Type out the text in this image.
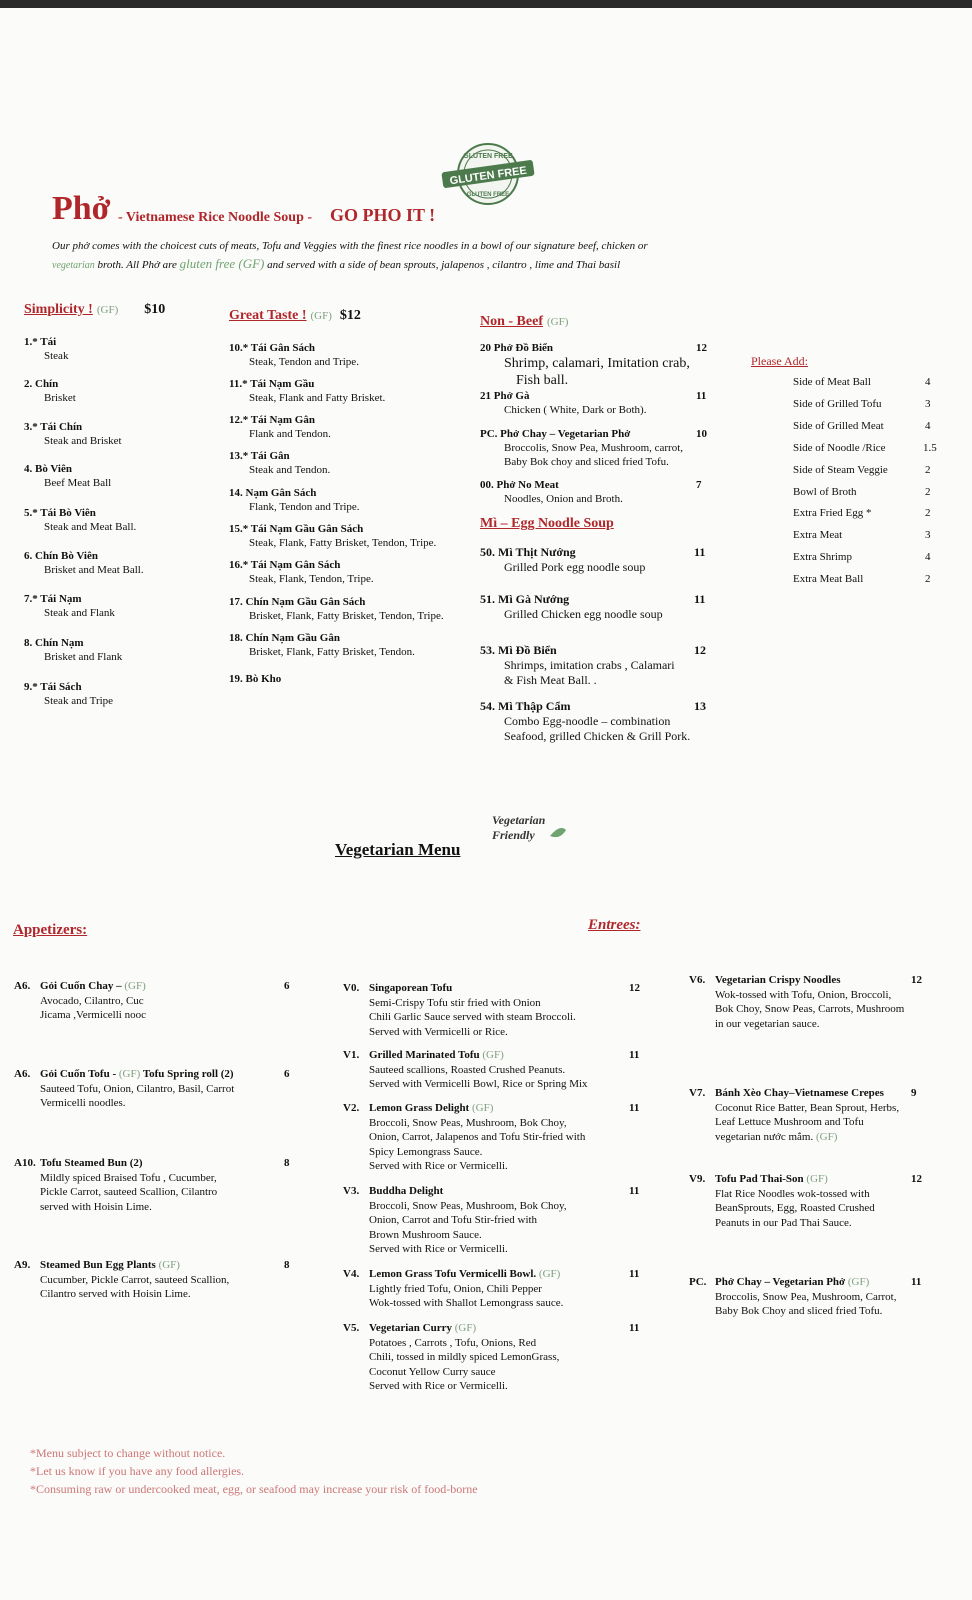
GLUTEN FREE
GLUTEN FREE
GLUTEN FREE
Phở - Vietnamese Rice Noodle Soup - GO PHO IT !
Our phở comes with the choicest cuts of meats, Tofu and Veggies with the finest rice noodles in a bowl of our signature beef, chicken or
vegetarian broth. All Phở are gluten free (GF) and served with a side of bean sprouts, jalapenos , cilantro , lime and Thai basil
Simplicity ! (GF) $10
1.* Tái
Steak
2. Chín
Brisket
3.* Tái Chín
Steak and Brisket
4. Bò Viên
Beef Meat Ball
5.* Tái Bò Viên
Steak and Meat Ball.
6. Chín Bò Viên
Brisket and Meat Ball.
7.* Tái Nạm
Steak and Flank
8. Chín Nạm
Brisket and Flank
9.* Tái Sách
Steak and Tripe
Great Taste ! (GF) $12
10.* Tái Gân Sách
Steak, Tendon and Tripe.
11.* Tái Nạm Gầu
Steak, Flank and Fatty Brisket.
12.* Tái Nạm Gân
Flank and Tendon.
13.* Tái Gân
Steak and Tendon.
14. Nạm Gân Sách
Flank, Tendon and Tripe.
15.* Tái Nạm Gầu Gân Sách
Steak, Flank, Fatty Brisket, Tendon, Tripe.
16.* Tái Nạm Gân Sách
Steak, Flank, Tendon, Tripe.
17. Chín Nạm Gầu Gân Sách
Brisket, Flank, Fatty Brisket, Tendon, Tripe.
18. Chín Nạm Gầu Gân
Brisket, Flank, Fatty Brisket, Tendon.
19. Bò Kho
Non - Beef (GF)
20 Phở Đồ Biển	12
Shrimp, calamari, Imitation crab,
Fish ball.
21 Phở Gà	11
Chicken ( White, Dark or Both).
PC. Phở Chay – Vegetarian Phở	10
Broccolis, Snow Pea, Mushroom, carrot,
Baby Bok choy and sliced fried Tofu.
00. Phở No Meat	7
Noodles, Onion and Broth.
Mì – Egg Noodle Soup
50. Mì Thịt Nướng	11
Grilled Pork egg noodle soup
51. Mì Gà Nướng	11
Grilled Chicken egg noodle soup
53. Mì Đồ Biển	12
Shrimps, imitation crabs , Calamari
& Fish Meat Ball. .
54. Mì Thập Cẩm	13
Combo Egg-noodle – combination
Seafood, grilled Chicken & Grill Pork.
Please Add:
Side of Meat Ball	4
Side of Grilled Tofu	3
Side of Grilled Meat	4
Side of Noodle /Rice	1.5
Side of Steam Veggie	2
Bowl of Broth	2
Extra Fried Egg *	2
Extra Meat	3
Extra Shrimp	4
Extra Meat Ball	2
Vegetarian
Friendly
Vegetarian Menu
Appetizers:	Entrees:
A6. Gỏi Cuốn Chay – (GF)	6
Avocado, Cilantro, Cuc
Jicama ,Vermicelli nooc
A6. Gỏi Cuốn Tofu - (GF) Tofu Spring roll (2)	6
Sauteed Tofu, Onion, Cilantro, Basil, Carrot
Vermicelli noodles.
A10. Tofu Steamed Bun (2)	8
Mildly spiced Braised Tofu , Cucumber,
Pickle Carrot, sauteed Scallion, Cilantro
served with Hoisin Lime.
A9. Steamed Bun Egg Plants (GF)	8
Cucumber, Pickle Carrot, sauteed Scallion,
Cilantro served with Hoisin Lime.
V0. Singaporean Tofu	12
Semi-Crispy Tofu stir fried with Onion
Chili Garlic Sauce served with steam Broccoli.
Served with Vermicelli or Rice.
V1. Grilled Marinated Tofu (GF)	11
Sauteed scallions, Roasted Crushed Peanuts.
Served with Vermicelli Bowl, Rice or Spring Mix
V2. Lemon Grass Delight (GF)	11
Broccoli, Snow Peas, Mushroom, Bok Choy,
Onion, Carrot, Jalapenos and Tofu Stir-fried with
Spicy Lemongrass Sauce.
Served with Rice or Vermicelli.
V3. Buddha Delight	11
Broccoli, Snow Peas, Mushroom, Bok Choy,
Onion, Carrot and Tofu Stir-fried with
Brown Mushroom Sauce.
Served with Rice or Vermicelli.
V4. Lemon Grass Tofu Vermicelli Bowl. (GF)	11
Lightly fried Tofu, Onion, Chili Pepper
Wok-tossed with Shallot Lemongrass sauce.
V5. Vegetarian Curry (GF)	11
Potatoes , Carrots , Tofu, Onions, Red
Chili, tossed in mildly spiced LemonGrass,
Coconut Yellow Curry sauce
Served with Rice or Vermicelli.
V6. Vegetarian Crispy Noodles	12
Wok-tossed with Tofu, Onion, Broccoli,
Bok Choy, Snow Peas, Carrots, Mushroom
in our vegetarian sauce.
V7. Bánh Xèo Chay–Vietnamese Crepes	9
Coconut Rice Batter, Bean Sprout, Herbs,
Leaf Lettuce Mushroom and Tofu
vegetarian nước mắm. (GF)
V9. Tofu Pad Thai-Son (GF)	12
Flat Rice Noodles wok-tossed with
BeanSprouts, Egg, Roasted Crushed
Peanuts in our Pad Thai Sauce.
PC. Phở Chay – Vegetarian Phở (GF)	11
Broccolis, Snow Pea, Mushroom, Carrot,
Baby Bok Choy and sliced fried Tofu.
*Menu subject to change without notice.
*Let us know if you have any food allergies.
*Consuming raw or undercooked meat, egg, or seafood may increase your risk of food-borne
